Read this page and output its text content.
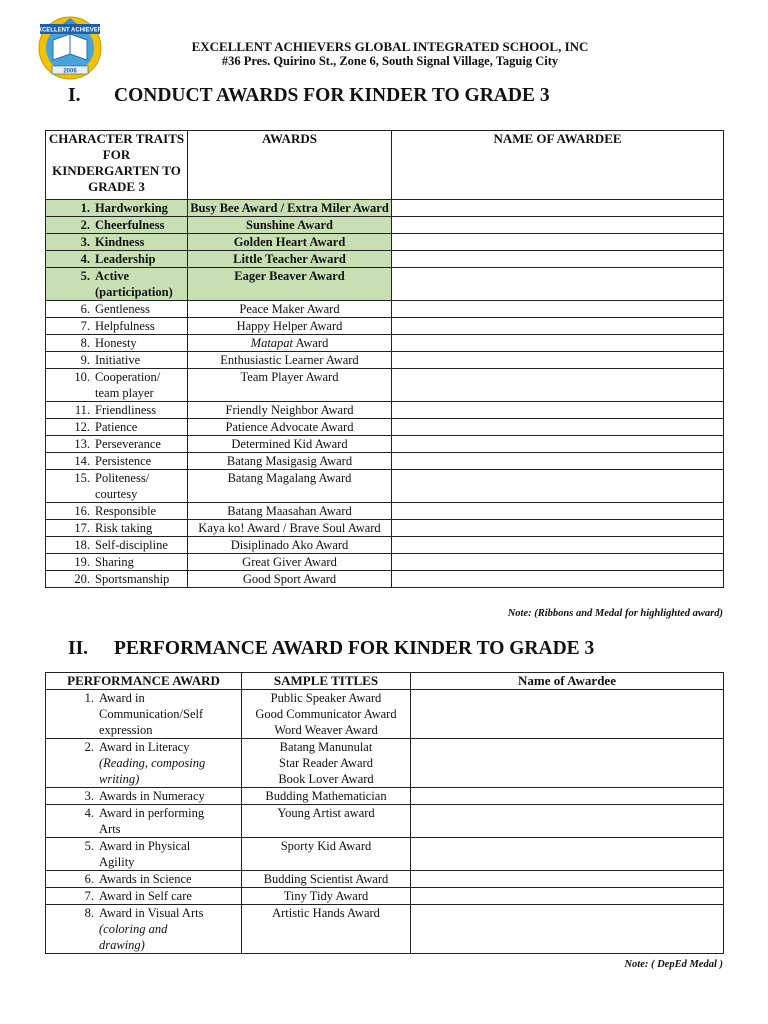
EXCELLENT ACHIEVERS
2006
EXCELLENT ACHIEVERS GLOBAL INTEGRATED SCHOOL, INC
#36 Pres. Quirino St., Zone 6, South Signal Village, Taguig City
I. CONDUCT AWARDS FOR KINDER TO GRADE 3
CHARACTER TRAITS FOR KINDERGARTEN TO GRADE 3	AWARDS	NAME OF AWARDEE

1. Hardworking	Busy Bee Award / Extra Miler Award	

2. Cheerfulness	Sunshine Award	

3. Kindness	Golden Heart Award	

4. Leadership	Little Teacher Award	

5. Active (participation)	Eager Beaver Award	

6. Gentleness	Peace Maker Award	

7. Helpfulness	Happy Helper Award	

8. Honesty	Matapat Award	

9. Initiative	Enthusiastic Learner Award	

10. Cooperation/ team player	Team Player Award	

11. Friendliness	Friendly Neighbor Award	

12. Patience	Patience Advocate Award	

13. Perseverance	Determined Kid Award	

14. Persistence	Batang Masigasig Award	

15. Politeness/ courtesy	Batang Magalang Award	

16. Responsible	Batang Maasahan Award	

17. Risk taking	Kaya ko! Award / Brave Soul Award	

18. Self-discipline	Disiplinado Ako Award	

19. Sharing	Great Giver Award	

20. Sportsmanship	Good Sport Award	
Note: (Ribbons and Medal for highlighted award)
II. PERFORMANCE AWARD FOR KINDER TO GRADE 3
PERFORMANCE AWARD	SAMPLE TITLES	Name of Awardee

1. Award in
Communication/Self
expression	Public Speaker Award
Good Communicator Award
Word Weaver Award	

2. Award in Literacy
(Reading, composing
writing)	Batang Manunulat
Star Reader Award
Book Lover Award	

3. Awards in Numeracy	Budding Mathematician	

4. Award in performing
Arts	Young Artist award	

5. Award in Physical
Agility	Sporty Kid Award	

6. Awards in Science	Budding Scientist Award	

7. Award in Self care	Tiny Tidy Award	

8. Award in Visual Arts
(coloring and
drawing)	Artistic Hands Award	

Note: ( DepEd Medal )
